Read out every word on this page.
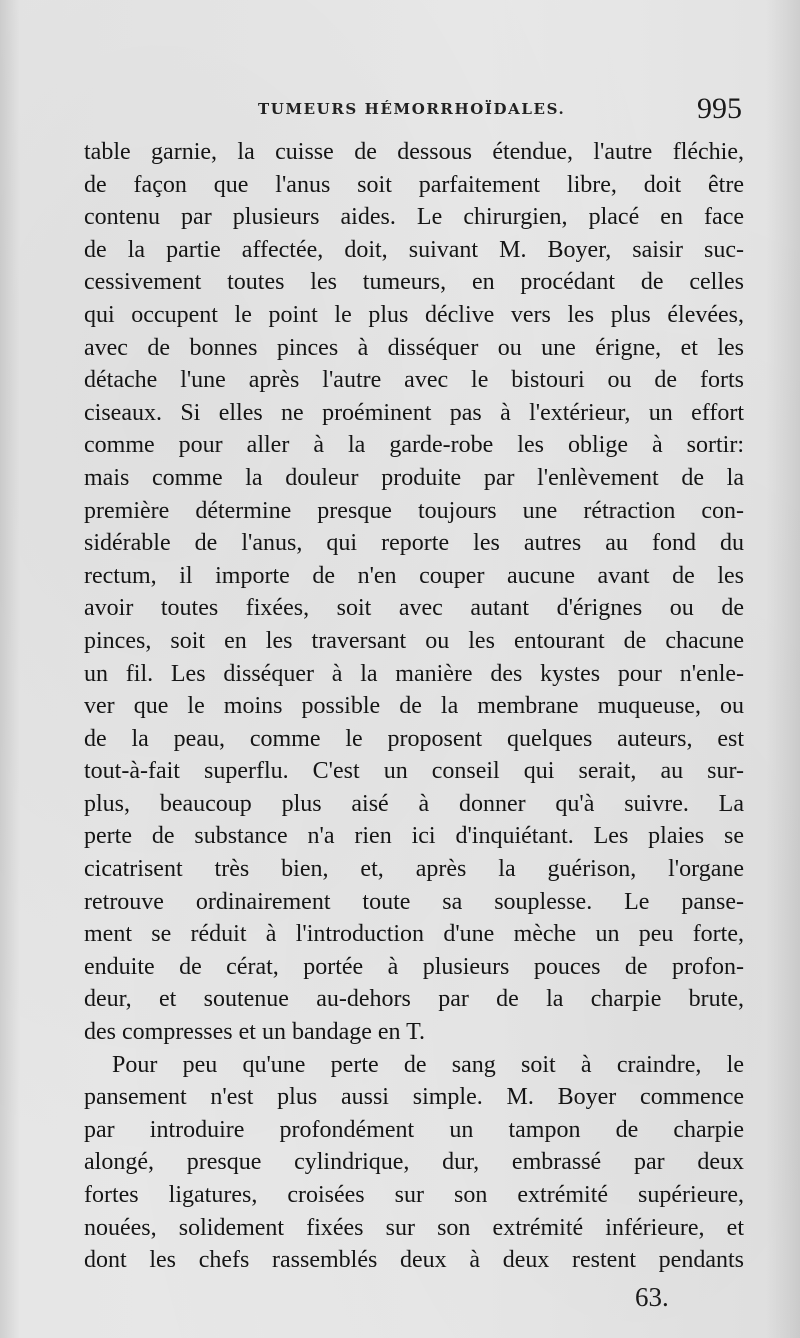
TUMEURS HÉMORRHOÏDALES.	995
table garnie, la cuisse de dessous étendue, l'autre fléchie,
de façon que l'anus soit parfaitement libre, doit être
contenu par plusieurs aides. Le chirurgien, placé en face
de la partie affectée, doit, suivant M. Boyer, saisir suc-
cessivement toutes les tumeurs, en procédant de celles
qui occupent le point le plus déclive vers les plus élevées,
avec de bonnes pinces à disséquer ou une érigne, et les
détache l'une après l'autre avec le bistouri ou de forts
ciseaux. Si elles ne proéminent pas à l'extérieur, un effort
comme pour aller à la garde-robe les oblige à sortir:
mais comme la douleur produite par l'enlèvement de la
première détermine presque toujours une rétraction con-
sidérable de l'anus, qui reporte les autres au fond du
rectum, il importe de n'en couper aucune avant de les
avoir toutes fixées, soit avec autant d'érignes ou de
pinces, soit en les traversant ou les entourant de chacune
un fil. Les disséquer à la manière des kystes pour n'enle-
ver que le moins possible de la membrane muqueuse, ou
de la peau, comme le proposent quelques auteurs, est
tout-à-fait superflu. C'est un conseil qui serait, au sur-
plus, beaucoup plus aisé à donner qu'à suivre. La
perte de substance n'a rien ici d'inquiétant. Les plaies se
cicatrisent très bien, et, après la guérison, l'organe
retrouve ordinairement toute sa souplesse. Le panse-
ment se réduit à l'introduction d'une mèche un peu forte,
enduite de cérat, portée à plusieurs pouces de profon-
deur, et soutenue au-dehors par de la charpie brute,
des compresses et un bandage en T.
Pour peu qu'une perte de sang soit à craindre, le
pansement n'est plus aussi simple. M. Boyer commence
par introduire profondément un tampon de charpie
alongé, presque cylindrique, dur, embrassé par deux
fortes ligatures, croisées sur son extrémité supérieure,
nouées, solidement fixées sur son extrémité inférieure, et
dont les chefs rassemblés deux à deux restent pendants
63.
